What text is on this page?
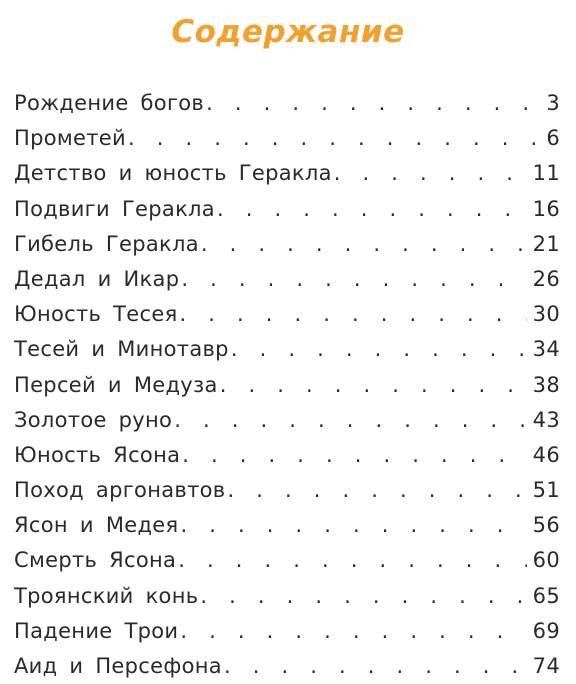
Содержание
Рождение богов . . .	3
Прометей . . .	6
Детство и юность Геракла . . .	11
Подвиги Геракла . . .	16
Гибель Геракла . . .	21
Дедал и Икар . . .	26
Юность Тесея . . .	30
Тесей и Минотавр . . .	34
Персей и Медуза . . .	38
Золотое руно . . .	43
Юность Ясона . . .	46
Поход аргонавтов . . .	51
Ясон и Медея . . .	56
Смерть Ясона . . .	60
Троянский конь . . .	65
Падение Трои . . .	69
Аид и Персефона . . .	74
